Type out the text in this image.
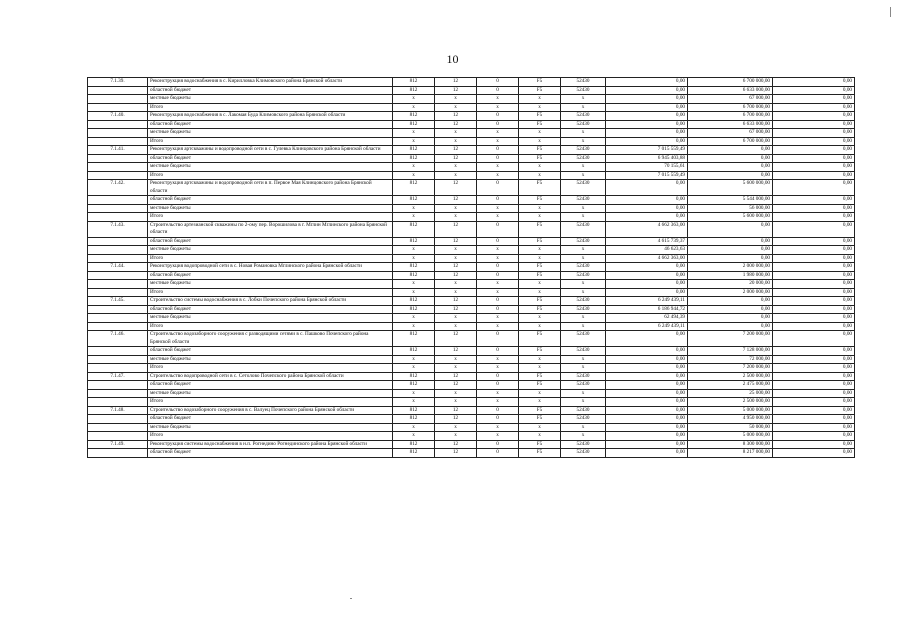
10
7.1.39.	Реконструкция водоснабжения в с. Кирилловка Климовского района Брянской области	812	12	0	F5	52430	0,00	6 700 000,00	0,00
	областной бюджет	812	12	0	F5	52430	0,00	6 633 000,00	0,00
	местные бюджеты	x	x	x	x	x	0,00	67 000,00	0,00
	Итого	x	x	x	x	x	0,00	6 700 000,00	0,00
7.1.40.	Реконструкция водоснабжения в с. Лакомая Буда Климовского района Брянской области	812	12	0	F5	52430	0,00	6 700 000,00	0,00
	областной бюджет	812	12	0	F5	52430	0,00	6 633 000,00	0,00
	местные бюджеты	x	x	x	x	x	0,00	67 000,00	0,00
	Итого	x	x	x	x	x	0,00	6 700 000,00	0,00
7.1.41.	Реконструкция артскважины и водопроводной сети в с. Гулевка Клинцовского района Брянской области	812	12	0	F5	52430	7 015 559,49	0,00	0,00
	областной бюджет	812	12	0	F5	52430	6 945 403,88	0,00	0,00
	местные бюджеты	x	x	x	x	x	70 155,61	0,00	0,00
	Итого	x	x	x	x	x	7 015 559,49	0,00	0,00
7.1.42.	Реконструкция артскважины и водопроводной сети в п. Первое Мая Клинцовского района Брянской области	812	12	0	F5	52430	0,00	5 600 000,00	0,00
	областной бюджет	812	12	0	F5	52430	0,00	5 544 000,00	0,00
	местные бюджеты	x	x	x	x	x	0,00	56 000,00	0,00
	Итого	x	x	x	x	x	0,00	5 600 000,00	0,00
7.1.43.	Строительство артезианской скважины по 2-ому пер. Ворошилова в г. Мглин Мглинского района Брянской области	812	12	0	F5	52430	4 662 363,00	0,00	0,00
	областной бюджет	812	12	0	F5	52430	4 615 739,37	0,00	0,00
	местные бюджеты	x	x	x	x	x	46 623,63	0,00	0,00
	Итого	x	x	x	x	x	4 662 363,00	0,00	0,00
7.1.44.	Реконструкция водопроводной сети в с. Новая Романовка Мглинского района Брянской области	812	12	0	F5	52430	0,00	2 000 000,00	0,00
	областной бюджет	812	12	0	F5	52430	0,00	1 980 000,00	0,00
	местные бюджеты	x	x	x	x	x	0,00	20 000,00	0,00
	Итого	x	x	x	x	x	0,00	2 000 000,00	0,00
7.1.45.	Строительство системы водоснабжения в с. Лобки Почепского района Брянской области	812	12	0	F5	52430	6 249 439,11	0,00	0,00
	областной бюджет	812	12	0	F5	52430	6 186 944,72	0,00	0,00
	местные бюджеты	x	x	x	x	x	62 494,39	0,00	0,00
	Итого	x	x	x	x	x	6 249 439,11	0,00	0,00
7.1.46.	Строительство водозаборного сооружения с разводящими сетями в с. Пашково Почепского района Брянской области	812	12	0	F5	52430	0,00	7 200 000,00	0,00
	областной бюджет	812	12	0	F5	52430	0,00	7 128 000,00	0,00
	местные бюджеты	x	x	x	x	x	0,00	72 000,00	0,00
	Итого	x	x	x	x	x	0,00	7 200 000,00	0,00
7.1.47.	Строительство водопроводной сети в с. Сетолово Почепского района Брянской области	812	12	0	F5	52430	0,00	2 500 000,00	0,00
	областной бюджет	812	12	0	F5	52430	0,00	2 475 000,00	0,00
	местные бюджеты	x	x	x	x	x	0,00	25 000,00	0,00
	Итого	x	x	x	x	x	0,00	2 500 000,00	0,00
7.1.48.	Строительство водозаборного сооружения в с. Валуец Почепского района Брянской области	812	12	0	F5	52430	0,00	5 000 000,00	0,00
	областной бюджет	812	12	0	F5	52430	0,00	4 950 000,00	0,00
	местные бюджеты	x	x	x	x	x	0,00	50 000,00	0,00
	Итого	x	x	x	x	x	0,00	5 000 000,00	0,00
7.1.49.	Реконструкция системы водоснабжения в н.п. Рогнедино Рогнединского района Брянской области	812	12	0	F5	52430	0,00	8 300 000,00	0,00
	областной бюджет	812	12	0	F5	52430	0,00	8 217 000,00	0,00
